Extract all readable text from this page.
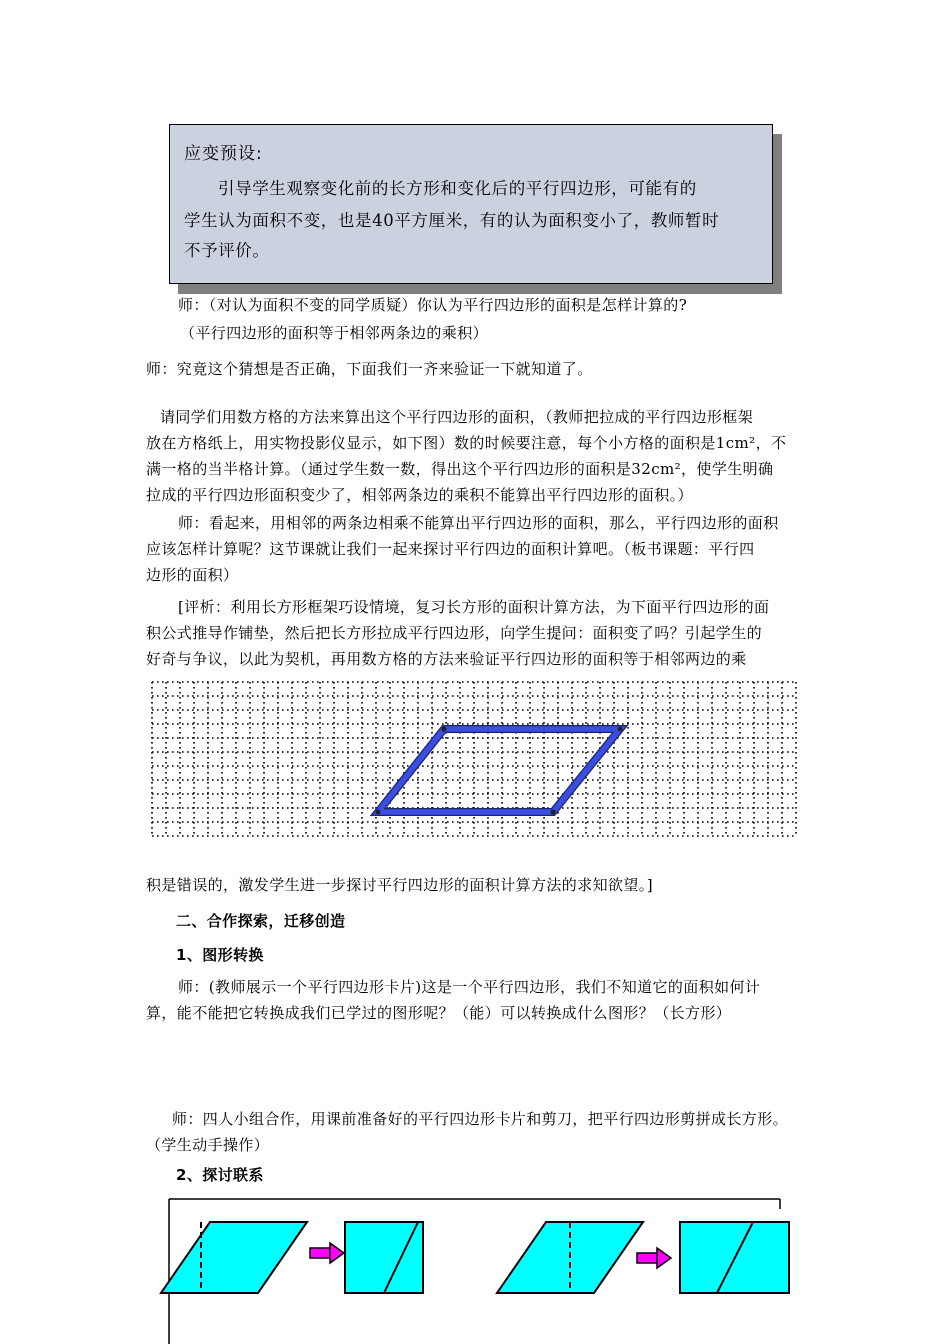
应变预设:
引导学生观察变化前的长方形和变化后的平行四边形，可能有的
学生认为面积不变，也是40平方厘米，有的认为面积变小了，教师暂时
不予评价。
师：（对认为面积不变的同学质疑）你认为平行四边形的面积是怎样计算的?
（平行四边形的面积等于相邻两条边的乘积）
师：究竟这个猜想是否正确，下面我们一齐来验证一下就知道了。
请同学们用数方格的方法来算出这个平行四边形的面积，（教师把拉成的平行四边形框架
放在方格纸上，用实物投影仪显示，如下图）数的时候要注意，每个小方格的面积是1cm²，不
满一格的当半格计算。（通过学生数一数，得出这个平行四边形的面积是32cm²，使学生明确
拉成的平行四边形面积变少了，相邻两条边的乘积不能算出平行四边形的面积。）
师：看起来，用相邻的两条边相乘不能算出平行四边形的面积，那么，平行四边形的面积
应该怎样计算呢？这节课就让我们一起来探讨平行四边的面积计算吧。（板书课题：平行四
边形的面积）
[评析：利用长方形框架巧设情境，复习长方形的面积计算方法，为下面平行四边形的面
积公式推导作铺垫，然后把长方形拉成平行四边形，向学生提问：面积变了吗？引起学生的
好奇与争议，以此为契机，再用数方格的方法来验证平行四边形的面积等于相邻两边的乘
积是错误的，激发学生进一步探讨平行四边形的面积计算方法的求知欲望。]
二、合作探索，迁移创造
1、图形转换
师：(教师展示一个平行四边形卡片)这是一个平行四边形，我们不知道它的面积如何计
算，能不能把它转换成我们已学过的图形呢？（能）可以转换成什么图形？（长方形）
师：四人小组合作，用课前准备好的平行四边形卡片和剪刀，把平行四边形剪拼成长方形。
（学生动手操作）
2、探讨联系
